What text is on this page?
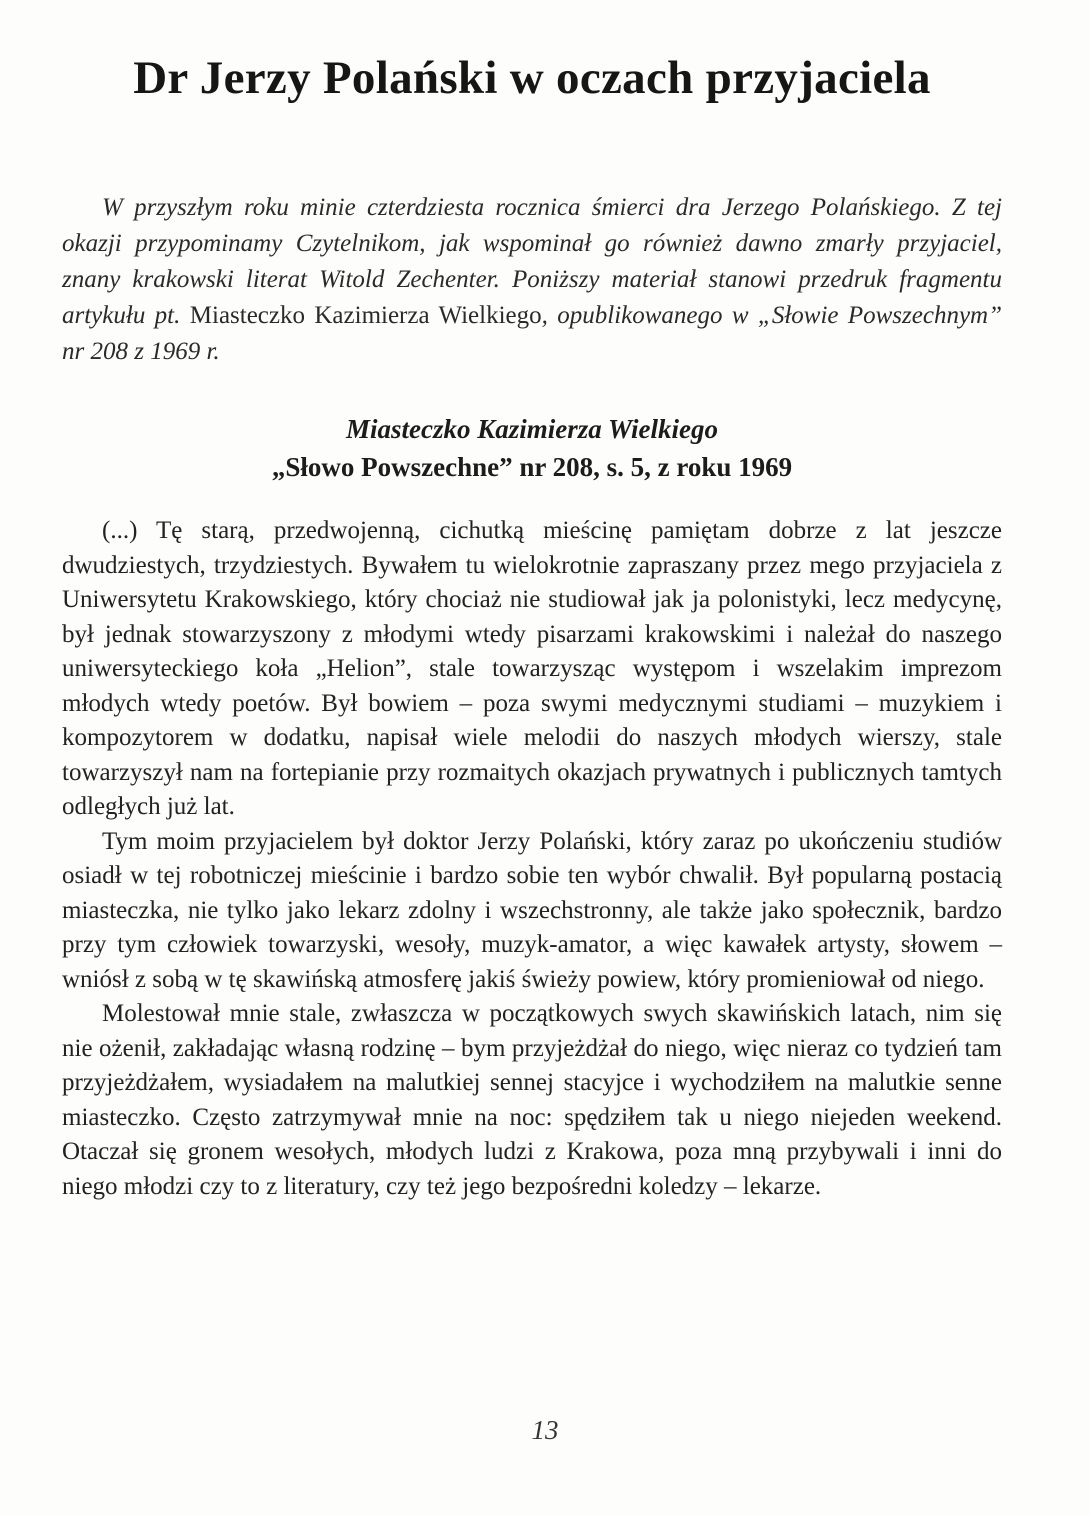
Dr Jerzy Polański w oczach przyjaciela

W przyszłym roku minie czterdziesta rocznica śmierci dra Jerzego Polańskiego. Z tej okazji przypominamy Czytelnikom, jak wspominał go również dawno zmarły przyjaciel, znany krakowski literat Witold Zechenter. Poniższy materiał stanowi przedruk fragmentu artykułu pt. Miasteczko Kazimierza Wielkiego, opublikowanego w „Słowie Powszechnym” nr 208 z 1969 r.

Miasteczko Kazimierza Wielkiego
„Słowo Powszechne” nr 208, s. 5, z roku 1969

(...) Tę starą, przedwojenną, cichutką mieścinę pamiętam dobrze z lat jeszcze dwudziestych, trzydziestych. Bywałem tu wielokrotnie zapraszany przez mego przyjaciela z Uniwersytetu Krakowskiego, który chociaż nie studiował jak ja polonistyki, lecz medycynę, był jednak stowarzyszony z młodymi wtedy pisarzami krakowskimi i należał do naszego uniwersyteckiego koła „Helion”, stale towarzysząc występom i wszelakim imprezom młodych wtedy poetów. Był bowiem – poza swymi medycznymi studiami – muzykiem i kompozytorem w dodatku, napisał wiele melodii do naszych młodych wierszy, stale towarzyszył nam na fortepianie przy rozmaitych okazjach prywatnych i publicznych tamtych odległych już lat.

Tym moim przyjacielem był doktor Jerzy Polański, który zaraz po ukończeniu studiów osiadł w tej robotniczej mieścinie i bardzo sobie ten wybór chwalił. Był popularną postacią miasteczka, nie tylko jako lekarz zdolny i wszechstronny, ale także jako społecznik, bardzo przy tym człowiek towarzyski, wesoły, muzyk-amator, a więc kawałek artysty, słowem – wniósł z sobą w tę skawińską atmosferę jakiś świeży powiew, który promieniował od niego.

Molestował mnie stale, zwłaszcza w początkowych swych skawińskich latach, nim się nie ożenił, zakładając własną rodzinę – bym przyjeżdżał do niego, więc nieraz co tydzień tam przyjeżdżałem, wysiadałem na malutkiej sennej stacyjce i wychodziłem na malutkie senne miasteczko. Często zatrzymywał mnie na noc: spędziłem tak u niego niejeden weekend. Otaczał się gronem wesołych, młodych ludzi z Krakowa, poza mną przybywali i inni do niego młodzi czy to z literatury, czy też jego bezpośredni koledzy – lekarze.

13
